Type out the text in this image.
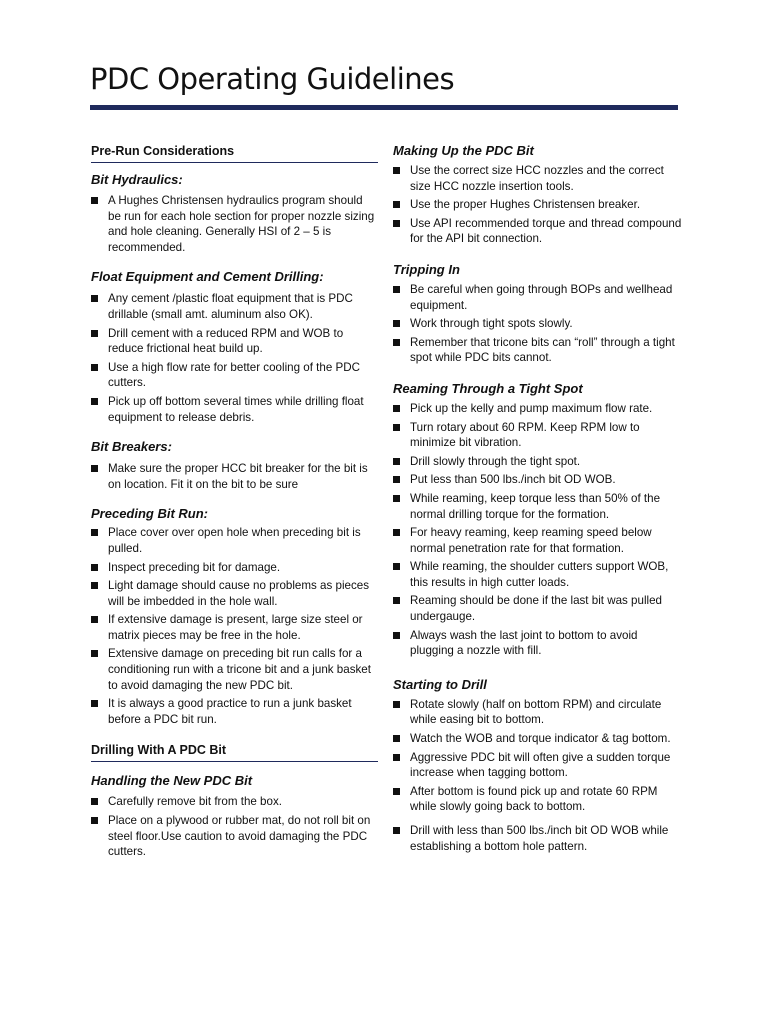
PDC Operating Guidelines
Pre-Run Considerations
Bit Hydraulics:
A Hughes Christensen hydraulics program should be run for each hole section for proper nozzle sizing and hole cleaning. Generally HSI of 2 – 5 is recommended.
Float Equipment and Cement Drilling:
Any cement /plastic float equipment that is PDC drillable (small amt. aluminum also OK).
Drill cement with a reduced RPM and WOB to reduce frictional heat build up.
Use a high flow rate for better cooling of the PDC cutters.
Pick up off bottom several times while drilling float equipment to release debris.
Bit Breakers:
Make sure the proper HCC bit breaker for the bit is on location. Fit it on the bit to be sure
Preceding Bit Run:
Place cover over open hole when preceding bit is pulled.
Inspect preceding bit for damage.
Light damage should cause no problems as pieces will be imbedded in the hole wall.
If extensive damage is present, large size steel or matrix pieces may be free in the hole.
Extensive damage on preceding bit run calls for a conditioning run with a tricone bit and a junk basket to avoid damaging the new PDC bit.
It is always a good practice to run a junk basket before a PDC bit run.
Drilling With A PDC Bit
Handling the New PDC Bit
Carefully remove bit from the box.
Place on a plywood or rubber mat, do not roll bit on steel floor.Use caution to avoid damaging the PDC cutters.
Making Up the PDC Bit
Use the correct size HCC nozzles and the correct size HCC nozzle insertion tools.
Use the proper Hughes Christensen breaker.
Use API recommended torque and thread compound for the API bit connection.
Tripping In
Be careful when going through BOPs and wellhead equipment.
Work through tight spots slowly.
Remember that tricone bits can “roll” through a tight spot while PDC bits cannot.
Reaming Through a Tight Spot
Pick up the kelly and pump maximum flow rate.
Turn rotary about 60 RPM. Keep RPM low to minimize bit vibration.
Drill slowly through the tight spot.
Put less than 500 lbs./inch bit OD WOB.
While reaming, keep torque less than 50% of the normal drilling torque for the formation.
For heavy reaming, keep reaming speed below normal penetration rate for that formation.
While reaming, the shoulder cutters support WOB, this results in high cutter loads.
Reaming should be done if the last bit was pulled undergauge.
Always wash the last joint to bottom to avoid plugging a nozzle with fill.
Starting to Drill
Rotate slowly (half on bottom RPM) and circulate while easing bit to bottom.
Watch the WOB and torque indicator & tag bottom.
Aggressive PDC bit will often give a sudden torque increase when tagging bottom.
After bottom is found pick up and rotate 60 RPM while slowly going back to bottom.
Drill with less than 500 lbs./inch bit OD WOB while establishing a bottom hole pattern.
